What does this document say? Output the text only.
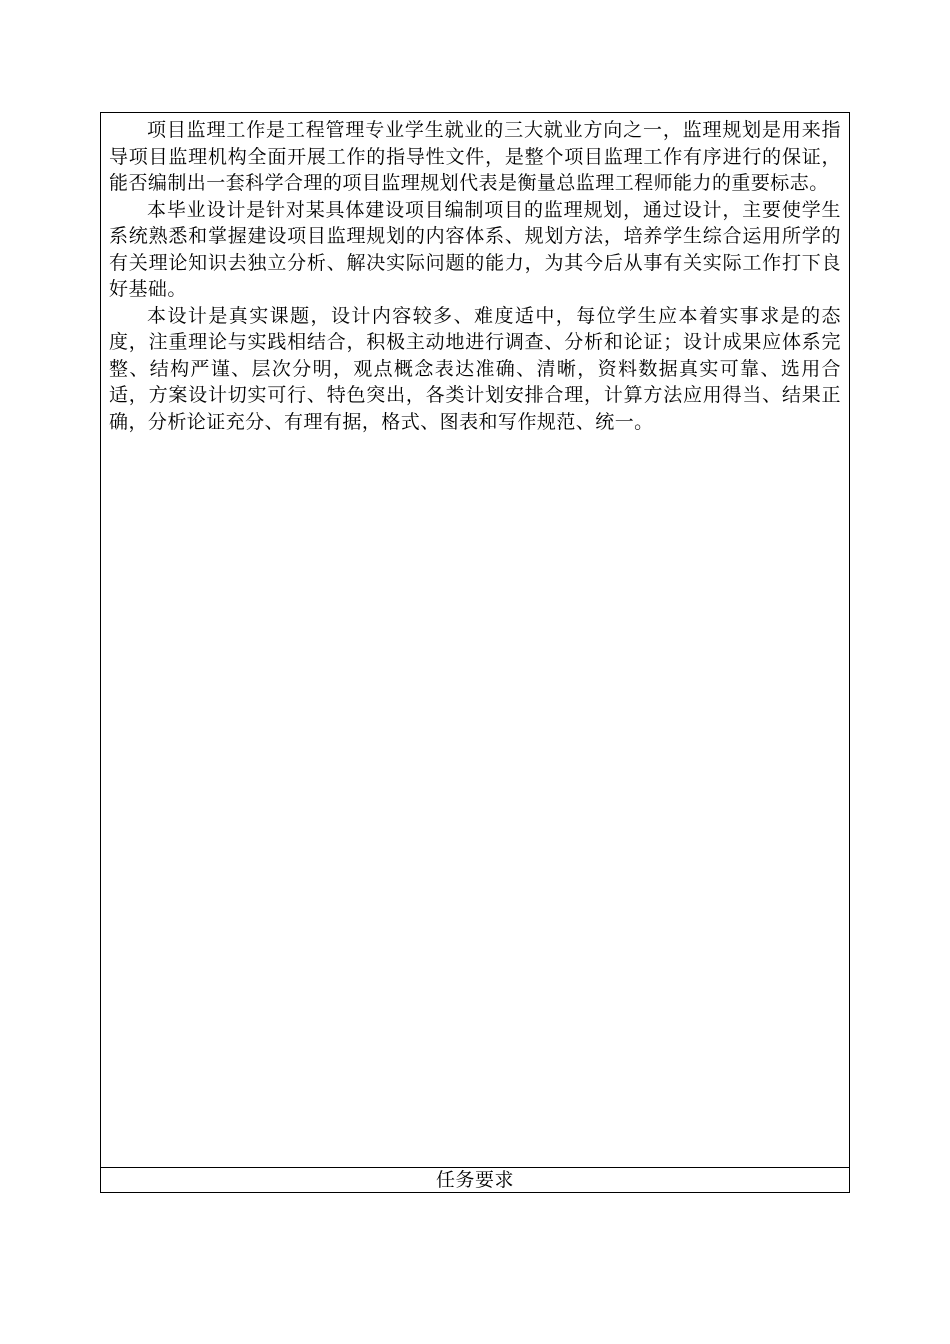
项目监理工作是工程管理专业学生就业的三大就业方向之一，监理规划是用来指导项目监理机构全面开展工作的指导性文件，是整个项目监理工作有序进行的保证，能否编制出一套科学合理的项目监理规划代表是衡量总监理工程师能力的重要标志。

本毕业设计是针对某具体建设项目编制项目的监理规划，通过设计，主要使学生系统熟悉和掌握建设项目监理规划的内容体系、规划方法，培养学生综合运用所学的有关理论知识去独立分析、解决实际问题的能力，为其今后从事有关实际工作打下良好基础。

本设计是真实课题，设计内容较多、难度适中，每位学生应本着实事求是的态度，注重理论与实践相结合，积极主动地进行调查、分析和论证；设计成果应体系完整、结构严谨、层次分明，观点概念表达准确、清晰，资料数据真实可靠、选用合适，方案设计切实可行、特色突出，各类计划安排合理，计算方法应用得当、结果正确，分析论证充分、有理有据，格式、图表和写作规范、统一。

任务要求
